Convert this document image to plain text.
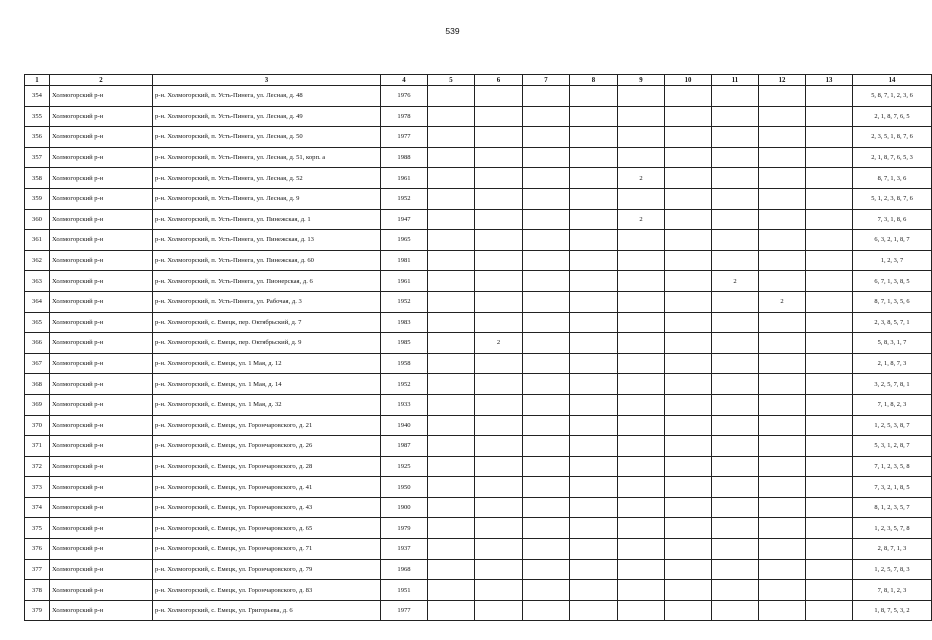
539
1	2	3	4	5	6	7	8	9	10	11	12	13	14
354	Холмогорский р-н	р-н. Холмогорский, п. Усть-Пинега, ул. Лесная, д. 48	1976										5, 8, 7, 1, 2, 3, 6
355	Холмогорский р-н	р-н. Холмогорский, п. Усть-Пинега, ул. Лесная, д. 49	1978										2, 1, 8, 7, 6, 5
356	Холмогорский р-н	р-н. Холмогорский, п. Усть-Пинега, ул. Лесная, д. 50	1977										2, 3, 5, 1, 8, 7, 6
357	Холмогорский р-н	р-н. Холмогорский, п. Усть-Пинега, ул. Лесная, д. 51, корп. а	1988										2, 1, 8, 7, 6, 5, 3
358	Холмогорский р-н	р-н. Холмогорский, п. Усть-Пинега, ул. Лесная, д. 52	1961					2					8, 7, 1, 3, 6
359	Холмогорский р-н	р-н. Холмогорский, п. Усть-Пинега, ул. Лесная, д. 9	1952										5, 1, 2, 3, 8, 7, 6
360	Холмогорский р-н	р-н. Холмогорский, п. Усть-Пинега, ул. Пинежская, д. 1	1947					2					7, 3, 1, 8, 6
361	Холмогорский р-н	р-н. Холмогорский, п. Усть-Пинега, ул. Пинежская, д. 13	1965										6, 3, 2, 1, 8, 7
362	Холмогорский р-н	р-н. Холмогорский, п. Усть-Пинега, ул. Пинежская, д. 60	1981										1, 2, 3, 7
363	Холмогорский р-н	р-н. Холмогорский, п. Усть-Пинега, ул. Пионерская, д. 6	1961							2			6, 7, 1, 3, 8, 5
364	Холмогорский р-н	р-н. Холмогорский, п. Усть-Пинега, ул. Рабочая, д. 3	1952								2		8, 7, 1, 3, 5, 6
365	Холмогорский р-н	р-н. Холмогорский, с. Емецк, пер. Октябрьский, д. 7	1983										2, 3, 8, 5, 7, 1
366	Холмогорский р-н	р-н. Холмогорский, с. Емецк, пер. Октябрьский, д. 9	1985		2								5, 8, 3, 1, 7
367	Холмогорский р-н	р-н. Холмогорский, с. Емецк, ул. 1 Мая, д. 12	1958										2, 1, 8, 7, 3
368	Холмогорский р-н	р-н. Холмогорский, с. Емецк, ул. 1 Мая, д. 14	1952										3, 2, 5, 7, 8, 1
369	Холмогорский р-н	р-н. Холмогорский, с. Емецк, ул. 1 Мая, д. 32	1933										7, 1, 8, 2, 3
370	Холмогорский р-н	р-н. Холмогорский, с. Емецк, ул. Горончаровского, д. 21	1940										1, 2, 5, 3, 8, 7
371	Холмогорский р-н	р-н. Холмогорский, с. Емецк, ул. Горончаровского, д. 26	1987										5, 3, 1, 2, 8, 7
372	Холмогорский р-н	р-н. Холмогорский, с. Емецк, ул. Горончаровского, д. 28	1925										7, 1, 2, 3, 5, 8
373	Холмогорский р-н	р-н. Холмогорский, с. Емецк, ул. Горончаровского, д. 41	1950										7, 3, 2, 1, 8, 5
374	Холмогорский р-н	р-н. Холмогорский, с. Емецк, ул. Горончаровского, д. 43	1900										8, 1, 2, 3, 5, 7
375	Холмогорский р-н	р-н. Холмогорский, с. Емецк, ул. Горончаровского, д. 65	1979										1, 2, 3, 5, 7, 8
376	Холмогорский р-н	р-н. Холмогорский, с. Емецк, ул. Горончаровского, д. 71	1937										2, 8, 7, 1, 3
377	Холмогорский р-н	р-н. Холмогорский, с. Емецк, ул. Горончаровского, д. 79	1968										1, 2, 5, 7, 8, 3
378	Холмогорский р-н	р-н. Холмогорский, с. Емецк, ул. Горончаровского, д. 83	1951										7, 8, 1, 2, 3
379	Холмогорский р-н	р-н. Холмогорский, с. Емецк, ул. Григорьева, д. 6	1977										1, 8, 7, 5, 3, 2
